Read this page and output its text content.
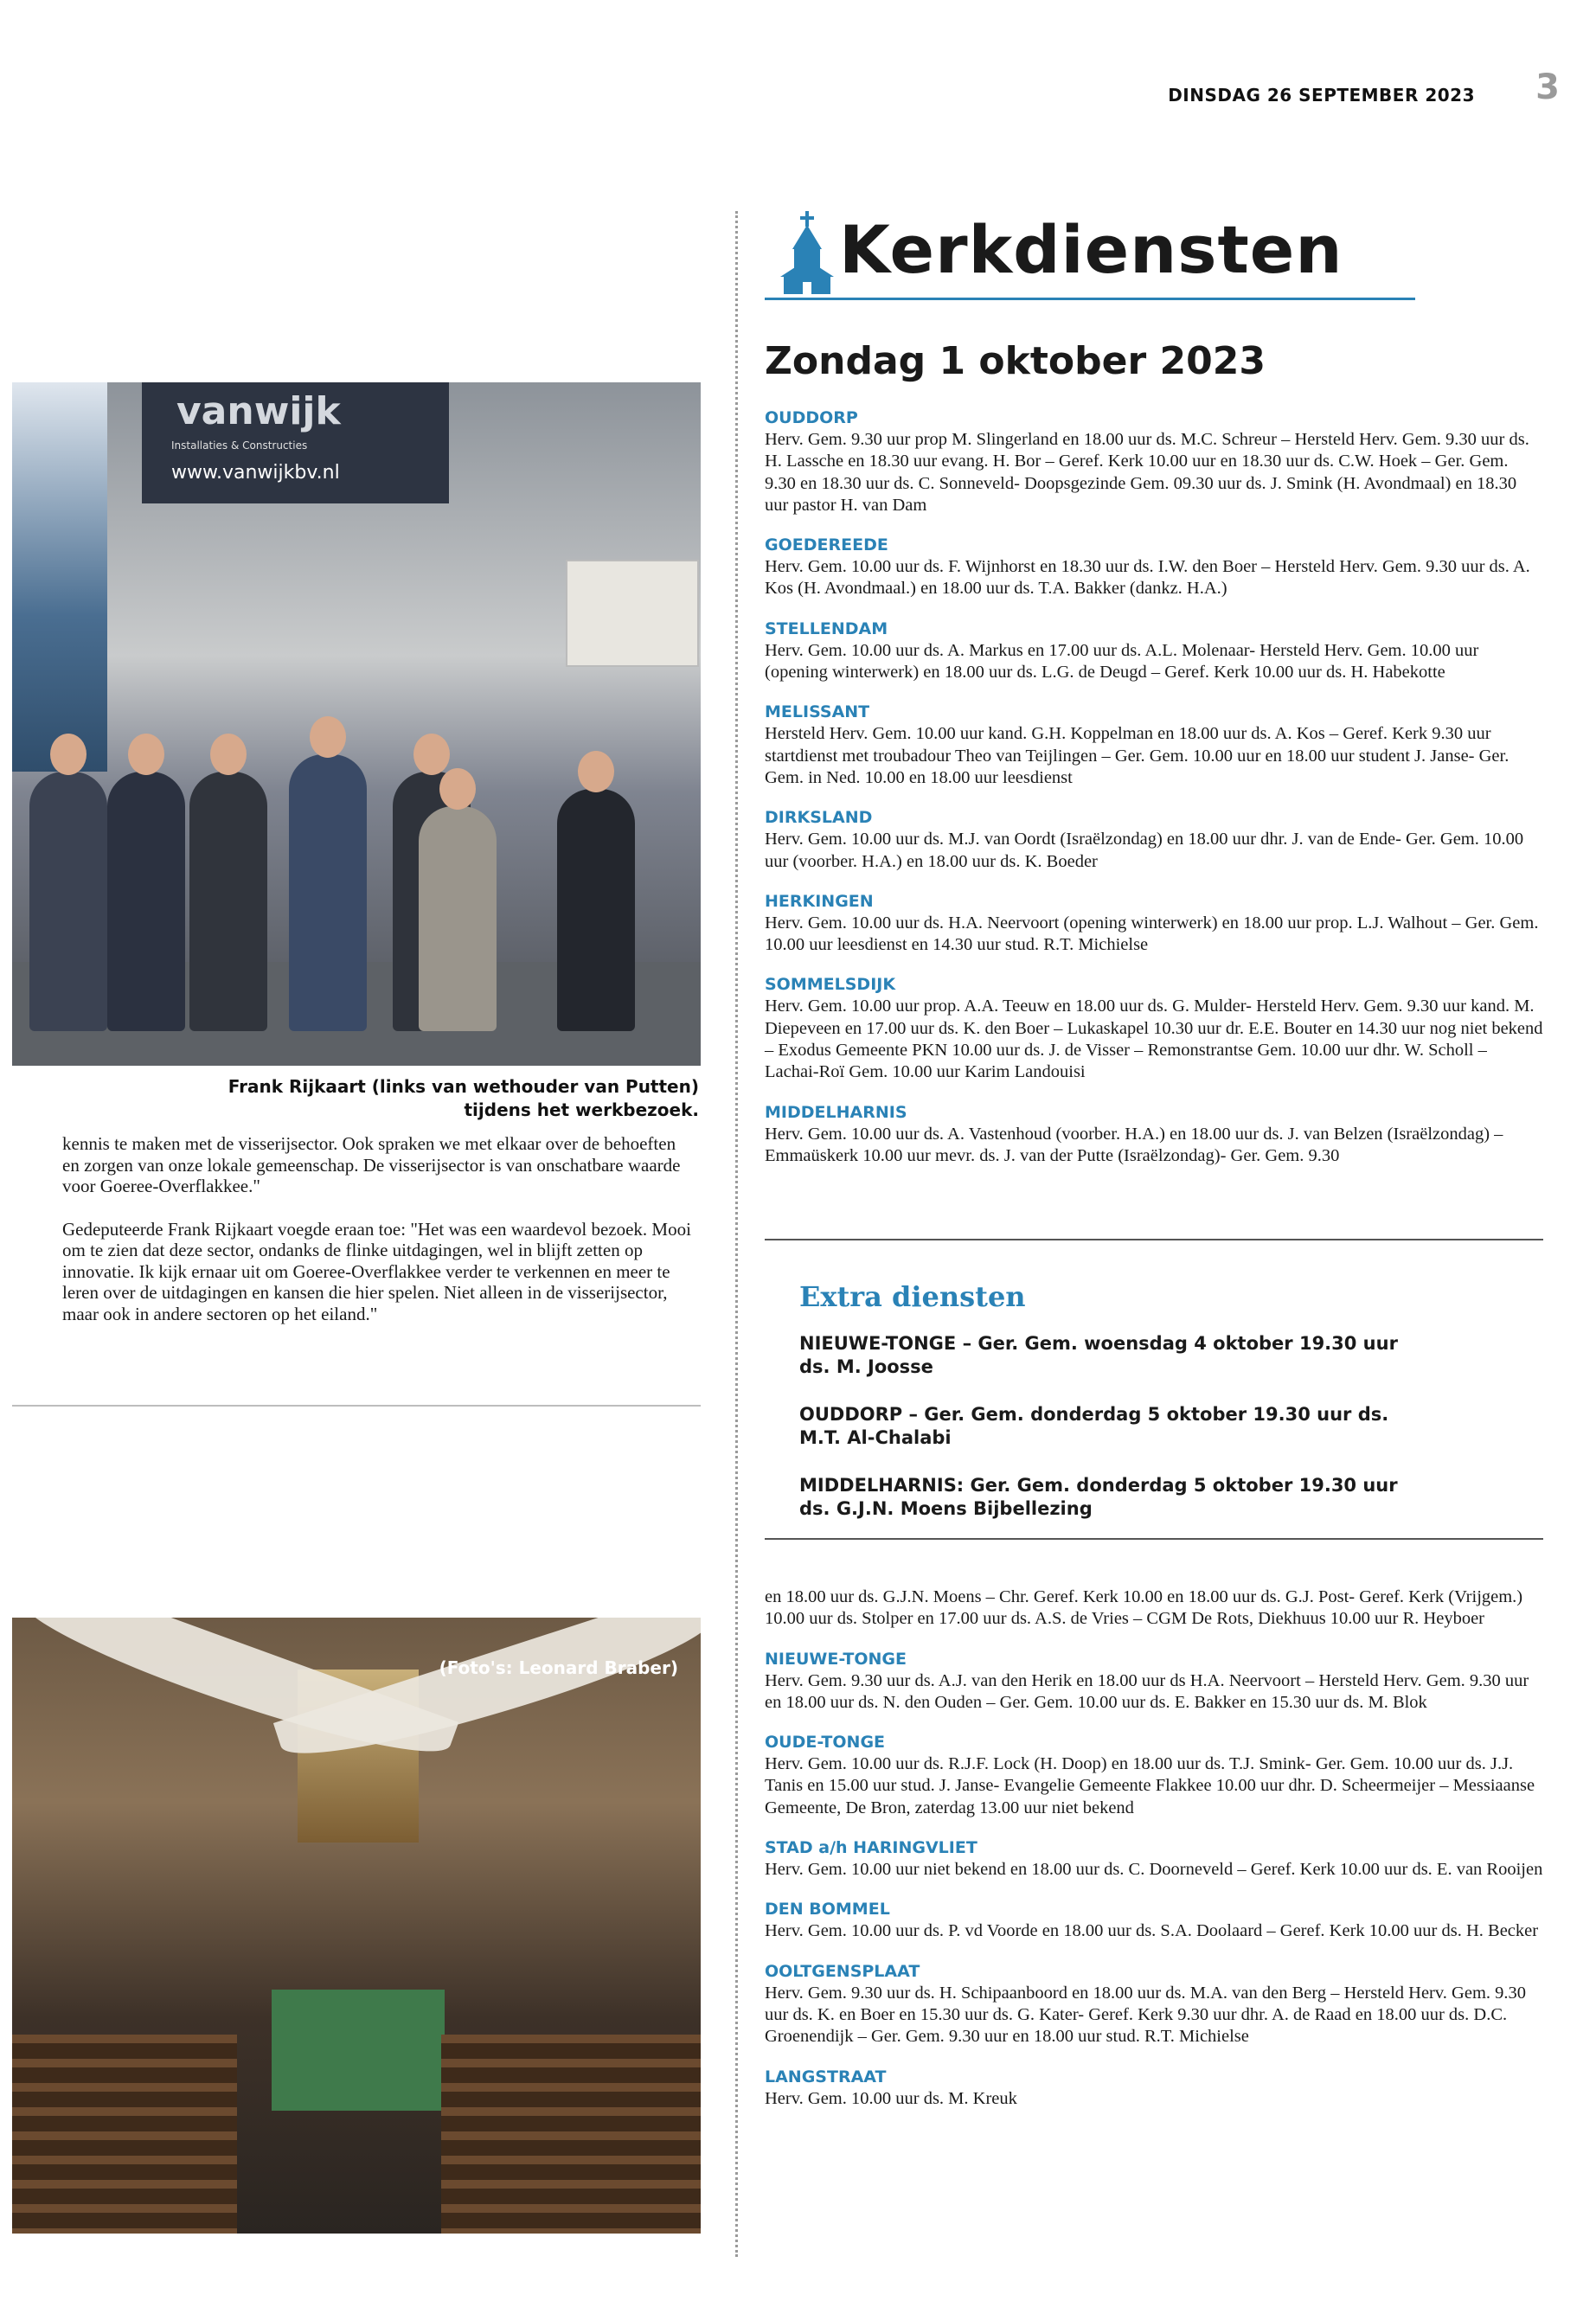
DINSDAG 26 SEPTEMBER 2023 3
vanwijk
Installaties & Constructies
www.vanwijkbv.nl
Frank Rijkaart (links van wethouder van Putten) tijdens het werkbezoek.

kennis te maken met de visserijsector. Ook spraken we met elkaar over de behoeften en zorgen van onze lokale gemeenschap. De visserijsector is van onschatbare waarde voor Goeree-Overflakkee."

Gedeputeerde Frank Rijkaart voegde eraan toe: "Het was een waardevol bezoek. Mooi om te zien dat deze sector, ondanks de flinke uitdagingen, wel in blijft zetten op innovatie. Ik kijk ernaar uit om Goeree-Overflakkee verder te verkennen en meer te leren over de uitdagingen en kansen die hier spelen. Niet alleen in de visserijsector, maar ook in andere sectoren op het eiland."

(Foto's: Leonard Braber)
Kerkdiensten
Zondag 1 oktober 2023
OUDDORP
Herv. Gem. 9.30 uur prop M. Slingerland en 18.00 uur ds. M.C. Schreur – Hersteld Herv. Gem. 9.30 uur ds. H. Lassche en 18.30 uur evang. H. Bor – Geref. Kerk 10.00 uur en 18.30 uur ds. C.W. Hoek – Ger. Gem. 9.30 en 18.30 uur ds. C. Sonneveld- Doopsgezinde Gem. 09.30 uur ds. J. Smink (H. Avondmaal) en 18.30 uur pastor H. van Dam
GOEDEREEDE
Herv. Gem. 10.00 uur ds. F. Wijnhorst en 18.30 uur ds. I.W. den Boer – Hersteld Herv. Gem. 9.30 uur ds. A. Kos (H. Avondmaal.) en 18.00 uur ds. T.A. Bakker (dankz. H.A.)
STELLENDAM
Herv. Gem. 10.00 uur ds. A. Markus en 17.00 uur ds. A.L. Molenaar- Hersteld Herv. Gem. 10.00 uur (opening winterwerk) en 18.00 uur ds. L.G. de Deugd – Geref. Kerk 10.00 uur ds. H. Habekotte
MELISSANT
Hersteld Herv. Gem. 10.00 uur kand. G.H. Koppelman en 18.00 uur ds. A. Kos – Geref. Kerk 9.30 uur startdienst met troubadour Theo van Teijlingen – Ger. Gem. 10.00 uur en 18.00 uur student J. Janse- Ger. Gem. in Ned. 10.00 en 18.00 uur leesdienst
DIRKSLAND
Herv. Gem. 10.00 uur ds. M.J. van Oordt (Israëlzondag) en 18.00 uur dhr. J. van de Ende- Ger. Gem. 10.00 uur (voorber. H.A.) en 18.00 uur ds. K. Boeder
HERKINGEN
Herv. Gem. 10.00 uur ds. H.A. Neervoort (opening winterwerk) en 18.00 uur prop. L.J. Walhout – Ger. Gem. 10.00 uur leesdienst en 14.30 uur stud. R.T. Michielse
SOMMELSDIJK
Herv. Gem. 10.00 uur prop. A.A. Teeuw en 18.00 uur ds. G. Mulder- Hersteld Herv. Gem. 9.30 uur kand. M. Diepeveen en 17.00 uur ds. K. den Boer – Lukaskapel 10.30 uur dr. E.E. Bouter en 14.30 uur nog niet bekend – Exodus Gemeente PKN 10.00 uur ds. J. de Visser – Remonstrantse Gem. 10.00 uur dhr. W. Scholl – Lachai-Roï Gem. 10.00 uur Karim Landouisi
MIDDELHARNIS
Herv. Gem. 10.00 uur ds. A. Vastenhoud (voorber. H.A.) en 18.00 uur ds. J. van Belzen (Israëlzondag) – Emmaüskerk 10.00 uur mevr. ds. J. van der Putte (Israëlzondag)- Ger. Gem. 9.30
Extra diensten
NIEUWE-TONGE – Ger. Gem. woensdag 4 oktober 19.30 uur ds. M. Joosse
OUDDORP – Ger. Gem. donderdag 5 oktober 19.30 uur ds. M.T. Al-Chalabi
MIDDELHARNIS: Ger. Gem. donderdag 5 oktober 19.30 uur ds. G.J.N. Moens Bijbellezing
en 18.00 uur ds. G.J.N. Moens – Chr. Geref. Kerk 10.00 en 18.00 uur ds. G.J. Post- Geref. Kerk (Vrijgem.) 10.00 uur ds. Stolper en 17.00 uur ds. A.S. de Vries – CGM De Rots, Diekhuus 10.00 uur R. Heyboer
NIEUWE-TONGE
Herv. Gem. 9.30 uur ds. A.J. van den Herik en 18.00 uur ds H.A. Neervoort – Hersteld Herv. Gem. 9.30 uur en 18.00 uur ds. N. den Ouden – Ger. Gem. 10.00 uur ds. E. Bakker en 15.30 uur ds. M. Blok
OUDE-TONGE
Herv. Gem. 10.00 uur ds. R.J.F. Lock (H. Doop) en 18.00 uur ds. T.J. Smink- Ger. Gem. 10.00 uur ds. J.J. Tanis en 15.00 uur stud. J. Janse- Evangelie Gemeente Flakkee 10.00 uur dhr. D. Scheermeijer – Messiaanse Gemeente, De Bron, zaterdag 13.00 uur niet bekend
STAD a/h HARINGVLIET
Herv. Gem. 10.00 uur niet bekend en 18.00 uur ds. C. Doorneveld – Geref. Kerk 10.00 uur ds. E. van Rooijen
DEN BOMMEL
Herv. Gem. 10.00 uur ds. P. vd Voorde en 18.00 uur ds. S.A. Doolaard – Geref. Kerk 10.00 uur ds. H. Becker
OOLTGENSPLAAT
Herv. Gem. 9.30 uur ds. H. Schipaanboord en 18.00 uur ds. M.A. van den Berg – Hersteld Herv. Gem. 9.30 uur ds. K. en Boer en 15.30 uur ds. G. Kater- Geref. Kerk 9.30 uur dhr. A. de Raad en 18.00 uur ds. D.C. Groenendijk – Ger. Gem. 9.30 uur en 18.00 uur stud. R.T. Michielse
LANGSTRAAT
Herv. Gem. 10.00 uur ds. M. Kreuk
